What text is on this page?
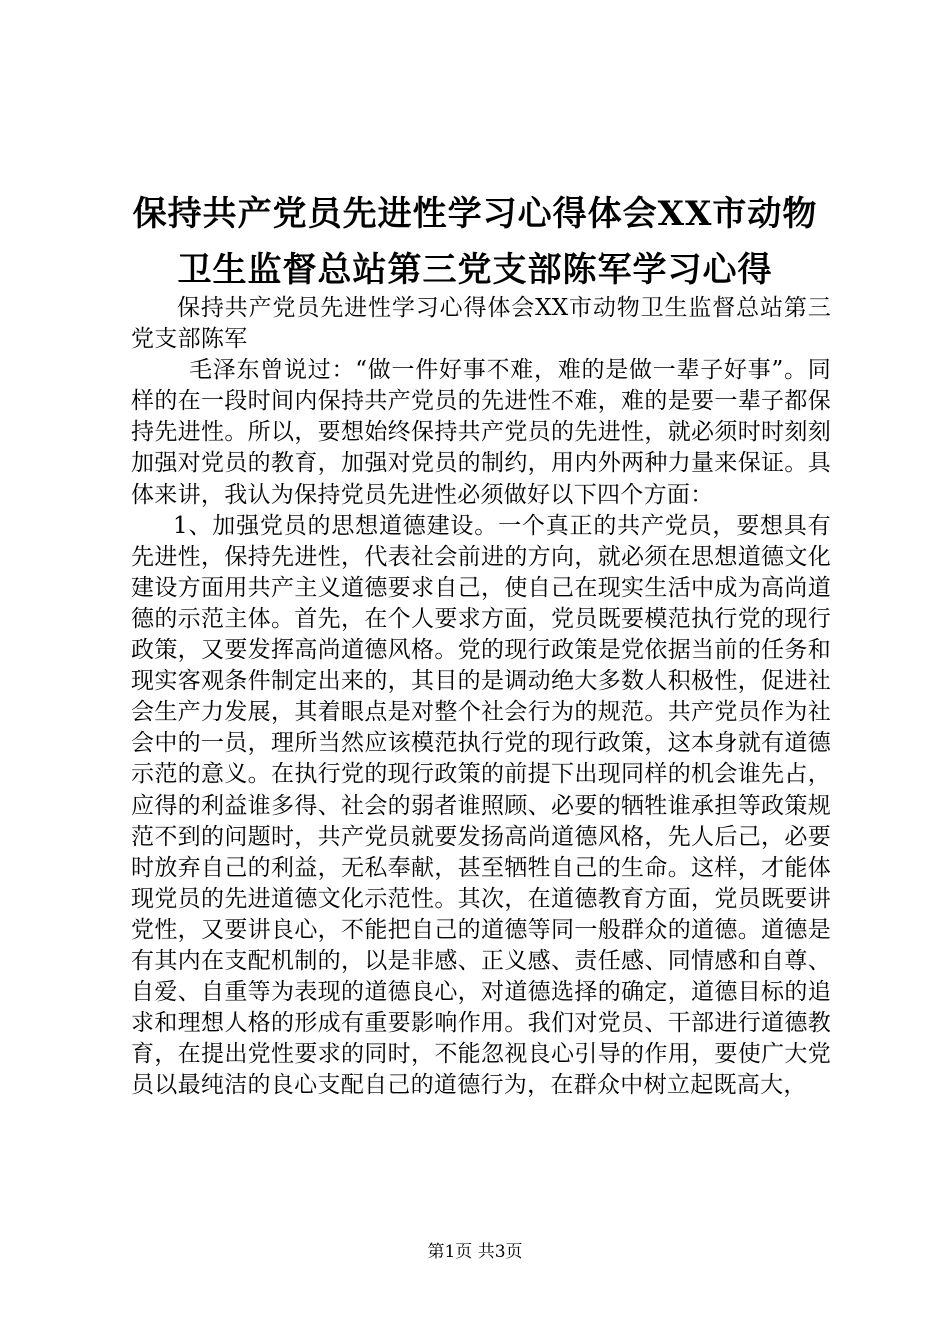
保持共产党员先进性学习心得体会XX市动物
卫生监督总站第三党支部陈军学习心得

保持共产党员先进性学习心得体会XX市动物卫生监督总站第三党支部陈军

毛泽东曾说过：“做一件好事不难，难的是做一辈子好事”。同样的在一段时间内保持共产党员的先进性不难，难的是要一辈子都保持先进性。所以，要想始终保持共产党员的先进性，就必须时时刻刻加强对党员的教育，加强对党员的制约，用内外两种力量来保证。具体来讲，我认为保持党员先进性必须做好以下四个方面：

1、加强党员的思想道德建设。一个真正的共产党员，要想具有先进性，保持先进性，代表社会前进的方向，就必须在思想道德文化建设方面用共产主义道德要求自己，使自己在现实生活中成为高尚道德的示范主体。首先，在个人要求方面，党员既要模范执行党的现行政策，又要发挥高尚道德风格。党的现行政策是党依据当前的任务和现实客观条件制定出来的，其目的是调动绝大多数人积极性，促进社会生产力发展，其着眼点是对整个社会行为的规范。共产党员作为社会中的一员，理所当然应该模范执行党的现行政策，这本身就有道德示范的意义。在执行党的现行政策的前提下出现同样的机会谁先占，应得的利益谁多得、社会的弱者谁照顾、必要的牺牲谁承担等政策规范不到的问题时，共产党员就要发扬高尚道德风格，先人后己，必要时放弃自己的利益，无私奉献，甚至牺牲自己的生命。这样，才能体现党员的先进道德文化示范性。其次，在道德教育方面，党员既要讲党性，又要讲良心，不能把自己的道德等同一般群众的道德。道德是有其内在支配机制的，以是非感、正义感、责任感、同情感和自尊、自爱、自重等为表现的道德良心，对道德选择的确定，道德目标的追求和理想人格的形成有重要影响作用。我们对党员、干部进行道德教育，在提出党性要求的同时，不能忽视良心引导的作用，要使广大党员以最纯洁的良心支配自己的道德行为，在群众中树立起既高大，

第1页 共3页
